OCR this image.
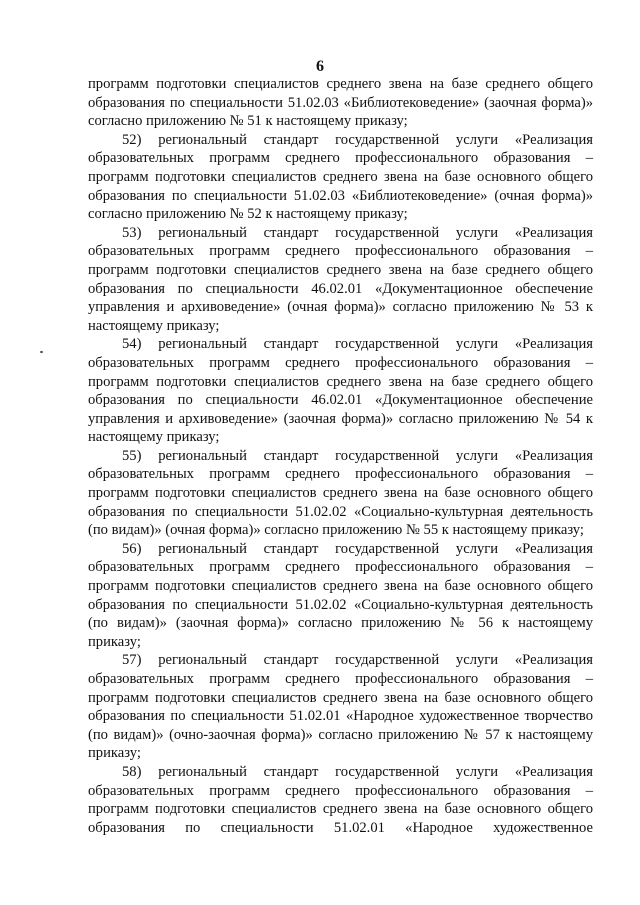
6

программ подготовки специалистов среднего звена на базе среднего общего образования по специальности 51.02.03 «Библиотековедение» (заочная форма)» согласно приложению № 51 к настоящему приказу;

52) региональный стандарт государственной услуги «Реализация образовательных программ среднего профессионального образования – программ подготовки специалистов среднего звена на базе основного общего образования по специальности 51.02.03 «Библиотековедение» (очная форма)» согласно приложению № 52 к настоящему приказу;

53) региональный стандарт государственной услуги «Реализация образовательных программ среднего профессионального образования – программ подготовки специалистов среднего звена на базе среднего общего образования по специальности 46.02.01 «Документационное обеспечение управления и архивоведение» (очная форма)» согласно приложению № 53 к настоящему приказу;

54) региональный стандарт государственной услуги «Реализация образовательных программ среднего профессионального образования – программ подготовки специалистов среднего звена на базе среднего общего образования по специальности 46.02.01 «Документационное обеспечение управления и архивоведение» (заочная форма)» согласно приложению № 54 к настоящему приказу;

55) региональный стандарт государственной услуги «Реализация образовательных программ среднего профессионального образования – программ подготовки специалистов среднего звена на базе основного общего образования по специальности 51.02.02 «Социально-культурная деятельность (по видам)» (очная форма)» согласно приложению № 55 к настоящему приказу;

56) региональный стандарт государственной услуги «Реализация образовательных программ среднего профессионального образования – программ подготовки специалистов среднего звена на базе основного общего образования по специальности 51.02.02 «Социально-культурная деятельность (по видам)» (заочная форма)» согласно приложению № 56 к настоящему приказу;

57) региональный стандарт государственной услуги «Реализация образовательных программ среднего профессионального образования – программ подготовки специалистов среднего звена на базе основного общего образования по специальности 51.02.01 «Народное художественное творчество (по видам)» (очно-заочная форма)» согласно приложению № 57 к настоящему приказу;

58) региональный стандарт государственной услуги «Реализация образовательных программ среднего профессионального образования – программ подготовки специалистов среднего звена на базе основного общего образования по специальности 51.02.01 «Народное художественное
